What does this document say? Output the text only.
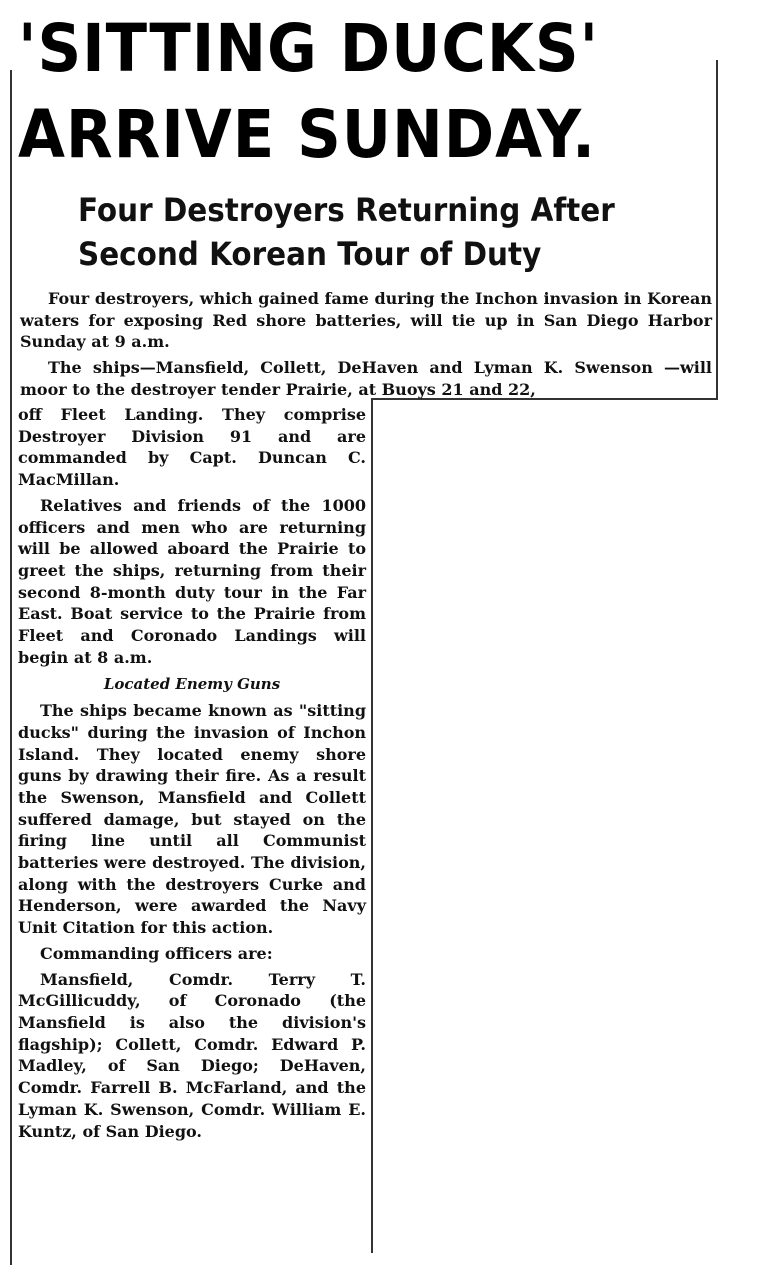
'SITTING DUCKS'
ARRIVE SUNDAY.
Four Destroyers Returning After
Second Korean Tour of Duty

Four destroyers, which gained fame during the Inchon invasion in Korean waters for exposing Red shore batteries, will tie up in San Diego Harbor Sunday at 9 a.m.

The ships—Mansfield, Collett, DeHaven and Lyman K. Swenson —will moor to the destroyer tender Prairie, at Buoys 21 and 22,

off Fleet Landing. They comprise Destroyer Division 91 and are commanded by Capt. Duncan C. MacMillan.

Relatives and friends of the 1000 officers and men who are returning will be allowed aboard the Prairie to greet the ships, returning from their second 8-month duty tour in the Far East. Boat service to the Prairie from Fleet and Coronado Landings will begin at 8 a.m.

Located Enemy Guns

The ships became known as "sitting ducks" during the invasion of Inchon Island. They located enemy shore guns by drawing their fire. As a result the Swenson, Mansfield and Collett suffered damage, but stayed on the firing line until all Communist batteries were destroyed. The division, along with the destroyers Curke and Henderson, were awarded the Navy Unit Citation for this action.

Commanding officers are:

Mansfield, Comdr. Terry T. McGillicuddy, of Coronado (the Mansfield is also the division's flagship); Collett, Comdr. Edward P. Madley, of San Diego; DeHaven, Comdr. Farrell B. McFarland, and the Lyman K. Swenson, Comdr. William E. Kuntz, of San Diego.
